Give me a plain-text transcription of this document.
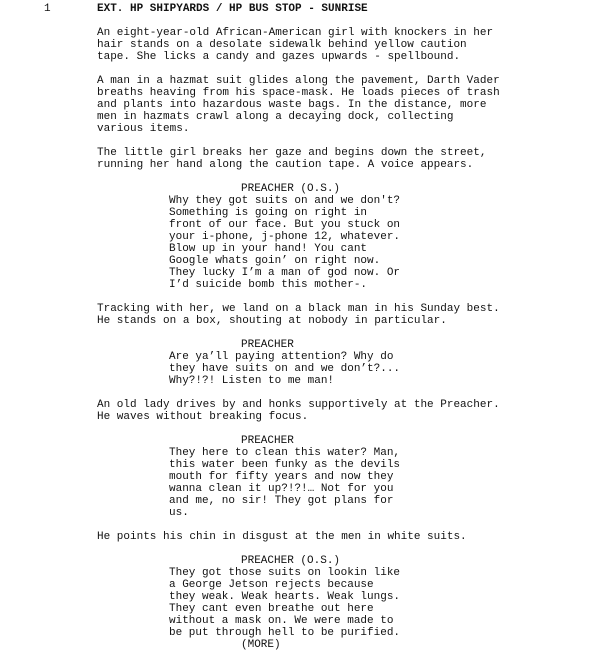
1	EXT. HP SHIPYARDS / HP BUS STOP - SUNRISE
An eight-year-old African-American girl with knockers in her
hair stands on a desolate sidewalk behind yellow caution
tape. She licks a candy and gazes upwards - spellbound.
A man in a hazmat suit glides along the pavement, Darth Vader
breaths heaving from his space-mask. He loads pieces of trash
and plants into hazardous waste bags. In the distance, more
men in hazmats crawl along a decaying dock, collecting
various items.
The little girl breaks her gaze and begins down the street,
running her hand along the caution tape. A voice appears.
PREACHER (O.S.)
Why they got suits on and we don't?
Something is going on right in
front of our face. But you stuck on
your i-phone, j-phone 12, whatever.
Blow up in your hand! You cant
Google whats goin’ on right now.
They lucky I’m a man of god now. Or
I’d suicide bomb this mother-.
Tracking with her, we land on a black man in his Sunday best.
He stands on a box, shouting at nobody in particular.
PREACHER
Are ya’ll paying attention? Why do
they have suits on and we don’t?...
Why?!?! Listen to me man!
An old lady drives by and honks supportively at the Preacher.
He waves without breaking focus.
PREACHER
They here to clean this water? Man,
this water been funky as the devils
mouth for fifty years and now they
wanna clean it up?!?!… Not for you
and me, no sir! They got plans for
us.
He points his chin in disgust at the men in white suits.
PREACHER (O.S.)
They got those suits on lookin like
a George Jetson rejects because
they weak. Weak hearts. Weak lungs.
They cant even breathe out here
without a mask on. We were made to
be put through hell to be purified.
(MORE)
